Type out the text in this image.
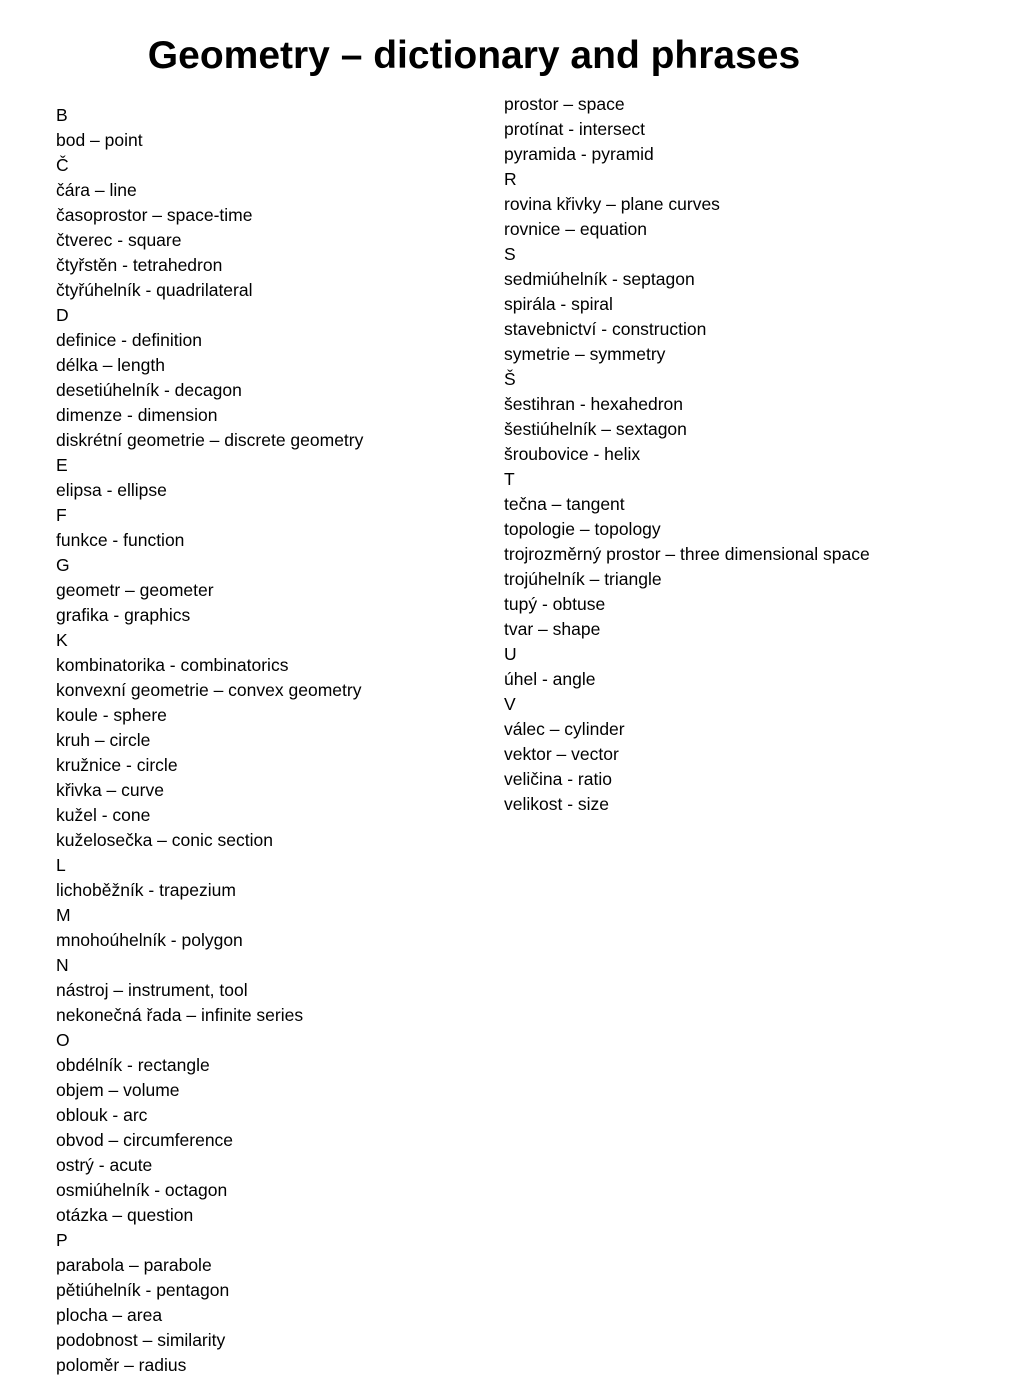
Geometry – dictionary and phrases
B
bod – point
Č
čára – line
časoprostor – space-time
čtverec - square
čtyřstěn - tetrahedron
čtyřúhelník - quadrilateral
D
definice - definition
délka – length
desetiúhelník - decagon
dimenze - dimension
diskrétní geometrie – discrete geometry
E
elipsa - ellipse
F
funkce - function
G
geometr – geometer
grafika - graphics
K
kombinatorika - combinatorics
konvexní geometrie – convex geometry
koule - sphere
kruh – circle
kružnice - circle
křivka – curve
kužel - cone
kuželosečka – conic section
L
lichoběžník - trapezium
M
mnohoúhelník - polygon
N
nástroj – instrument, tool
nekonečná řada – infinite series
O
obdélník - rectangle
objem – volume
oblouk - arc
obvod – circumference
ostrý - acute
osmiúhelník - octagon
otázka – question
P
parabola – parabole
pětiúhelník - pentagon
plocha – area
podobnost – similarity
poloměr – radius
prostor – space
protínat - intersect
pyramida - pyramid
R
rovina křivky – plane curves
rovnice – equation
S
sedmiúhelník - septagon
spirála - spiral
stavebnictví - construction
symetrie – symmetry
Š
šestihran - hexahedron
šestiúhelník – sextagon
šroubovice - helix
T
tečna – tangent
topologie – topology
trojrozměrný prostor – three dimensional space
trojúhelník – triangle
tupý - obtuse
tvar – shape
U
úhel - angle
V
válec – cylinder
vektor – vector
veličina - ratio
velikost - size
